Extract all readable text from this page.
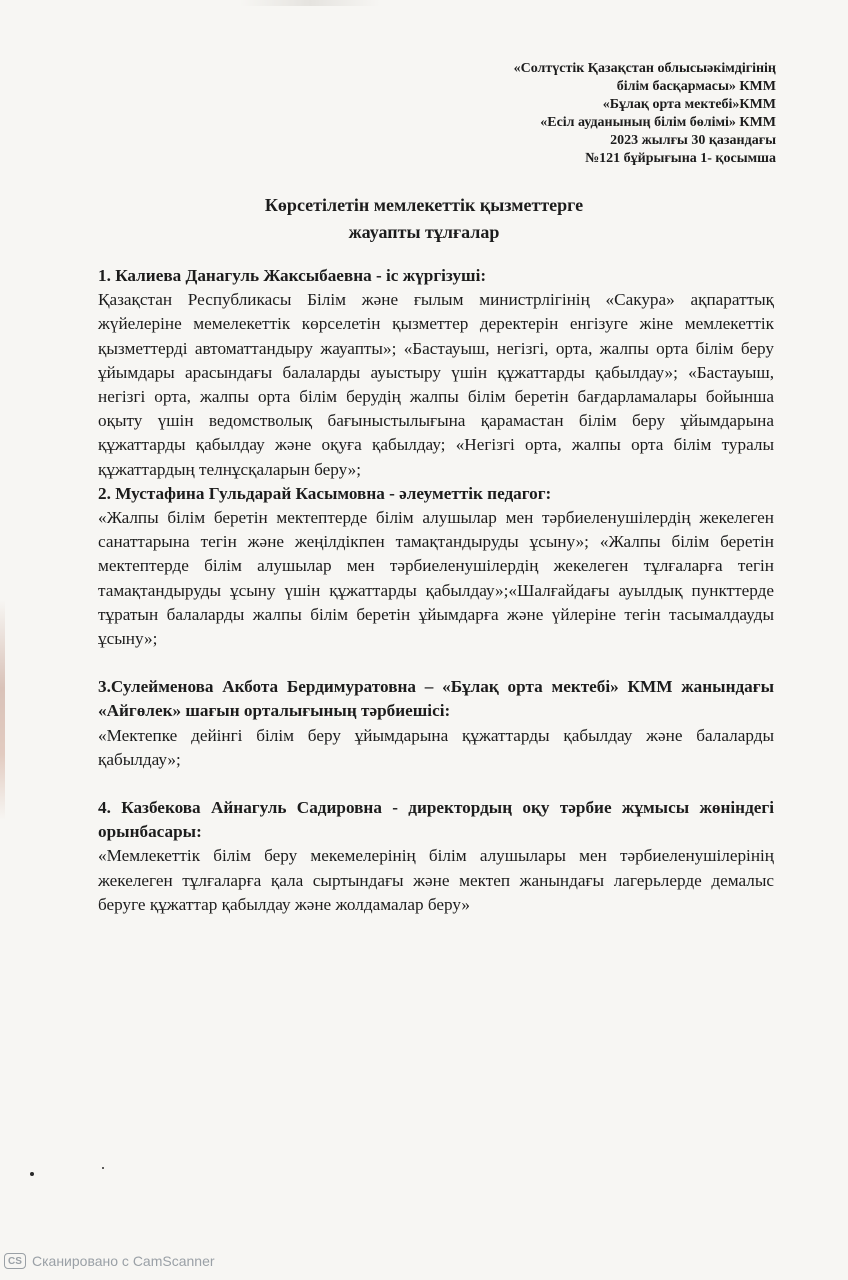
«Солтүстік Қазақстан облысыәкімдігінің
білім басқармасы» КММ
«Бұлақ орта мектебі»КММ
«Есіл ауданының білім бөлімі» КММ
2023 жылғы 30 қазандағы
№121 бұйрығына 1- қосымша
Көрсетілетін мемлекеттік қызметтерге
жауапты тұлғалар
1. Калиева Данагуль Жаксыбаевна - іс жүргізуші:
Қазақстан Республикасы Білім және ғылым министрлігінің «Сакура» ақпараттық жүйелеріне мемелекеттік көрселетін қызметтер деректерін енгізуге жіне мемлекеттік қызметтерді автоматтандыру жауапты»; «Бастауыш, негізгі, орта, жалпы орта білім беру ұйымдары арасындағы балаларды ауыстыру үшін құжаттарды қабылдау»; «Бастауыш, негізгі орта, жалпы орта білім берудің жалпы білім беретін бағдарламалары бойынша оқыту үшін ведомстволық бағыныстылығына қарамастан білім беру ұйымдарына құжаттарды қабылдау және оқуға қабылдау; «Негізгі орта, жалпы орта білім туралы құжаттардың телнұсқаларын беру»;
2. Мустафина Гульдарай Касымовна - әлеуметтік педагог:
«Жалпы білім беретін мектептерде білім алушылар мен тәрбиеленушілердің жекелеген санаттарына тегін және жеңілдікпен тамақтандыруды ұсыну»; «Жалпы білім беретін мектептерде білім алушылар мен тәрбиеленушілердің жекелеген тұлғаларға тегін тамақтандыруды ұсыну үшін құжаттарды қабылдау»;«Шалғайдағы ауылдық пункттерде тұратын балаларды жалпы білім беретін ұйымдарға және үйлеріне тегін тасымалдауды ұсыну»;
3.Сулейменова Акбота Бердимуратовна – «Бұлақ орта мектебі» КММ жанындағы «Айгөлек» шағын орталығының тәрбиешісі:
«Мектепке дейінгі білім беру ұйымдарына құжаттарды қабылдау және балаларды қабылдау»;
4. Казбекова Айнагуль Садировна - директордың оқу тәрбие жұмысы жөніндегі орынбасары:
«Мемлекеттік білім беру мекемелерінің білім алушылары мен тәрбиеленушілерінің жекелеген тұлғаларға қала сыртындағы және мектеп жанындағы лагерьлерде демалыс беруге құжаттар қабылдау және жолдамалар беру»
CS Сканировано с CamScanner
